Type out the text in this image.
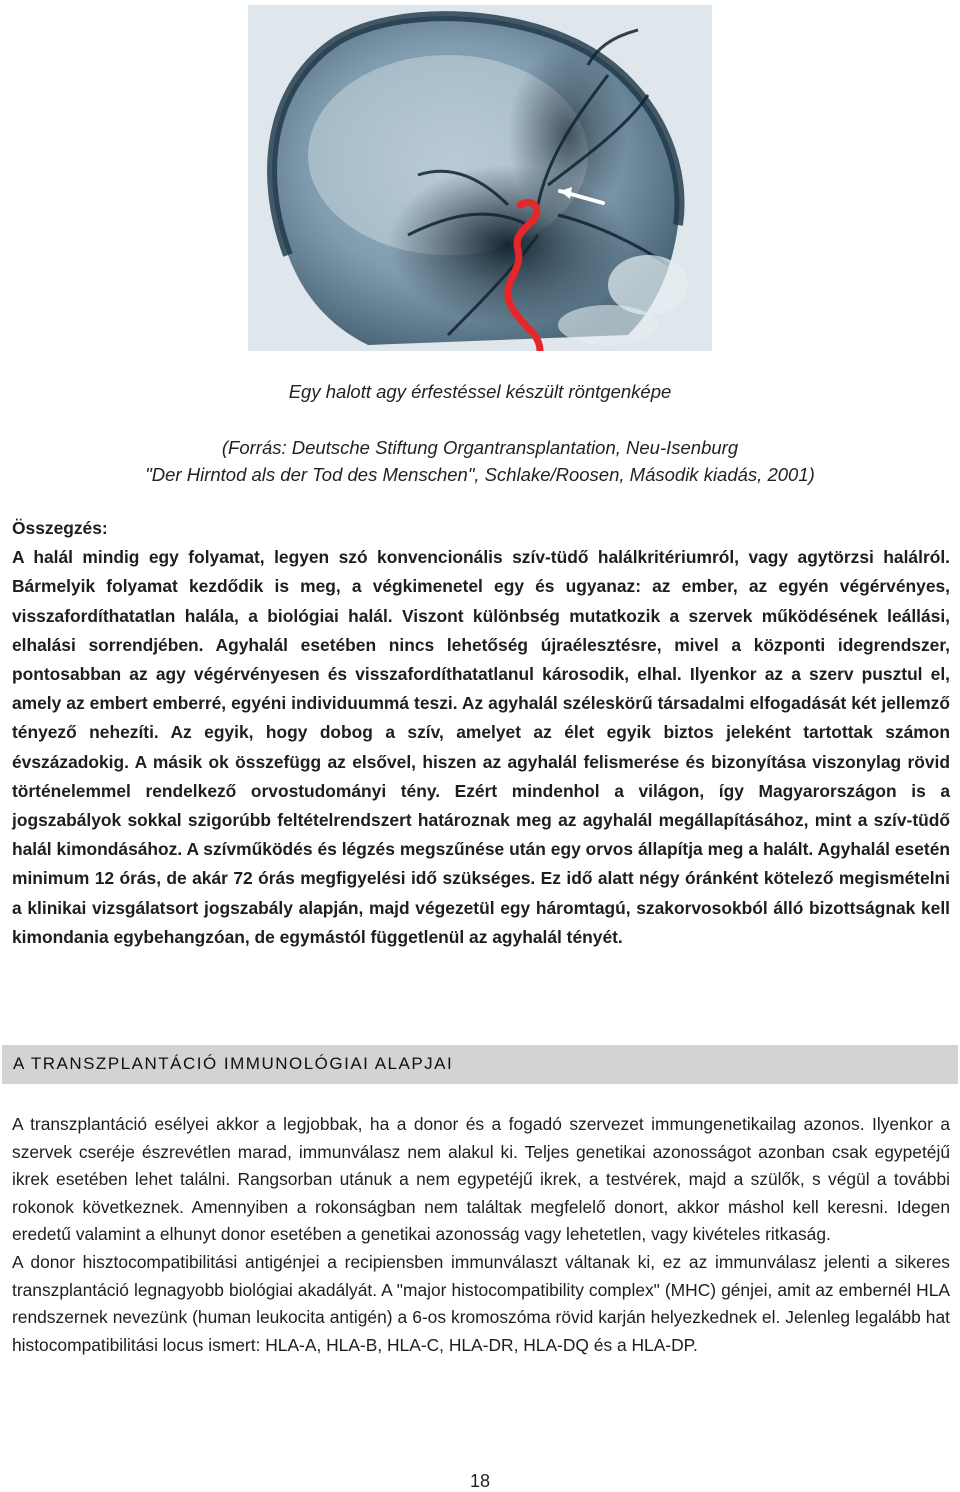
Egy halott agy érfestéssel készült röntgenképe
(Forrás: Deutsche Stiftung Organtransplantation, Neu-Isenburg
"Der Hirntod als der Tod des Menschen", Schlake/Roosen, Második kiadás, 2001)
Összegzés:
A halál mindig egy folyamat, legyen szó konvencionális szív-tüdő halálkritériumról, vagy agytörzsi halálról. Bármelyik folyamat kezdődik is meg, a végkimenetel egy és ugyanaz: az ember, az egyén végérvényes, visszafordíthatatlan halála, a biológiai halál. Viszont különbség mutatkozik a szervek működésének leállási, elhalási sorrendjében. Agyhalál esetében nincs lehetőség újraélesztésre, mivel a központi idegrendszer, pontosabban az agy végérvényesen és visszafordíthatatlanul károsodik, elhal. Ilyenkor az a szerv pusztul el, amely az embert emberré, egyéni individuummá teszi. Az agyhalál széleskörű társadalmi elfogadását két jellemző tényező nehezíti. Az egyik, hogy dobog a szív, amelyet az élet egyik biztos jeleként tartottak számon évszázadokig. A másik ok összefügg az elsővel, hiszen az agyhalál felismerése és bizonyítása viszonylag rövid történelemmel rendelkező orvostudományi tény. Ezért mindenhol a világon, így Magyarországon is a jogszabályok sokkal szigorúbb feltételrendszert határoznak meg az agyhalál megállapításához, mint a szív-tüdő halál kimondásához. A szívműködés és légzés megszűnése után egy orvos állapítja meg a halált. Agyhalál esetén minimum 12 órás, de akár 72 órás megfigyelési idő szükséges. Ez idő alatt négy óránként kötelező megismételni a klinikai vizsgálatsort jogszabály alapján, majd végezetül egy háromtagú, szakorvosokból álló bizottságnak kell kimondania egybehangzóan, de egymástól függetlenül az agyhalál tényét.
A TRANSZPLANTÁCIÓ IMMUNOLÓGIAI ALAPJAI

A transzplantáció esélyei akkor a legjobbak, ha a donor és a fogadó szervezet immungenetikailag azonos. Ilyenkor a szervek cseréje észrevétlen marad, immunválasz nem alakul ki. Teljes genetikai azonosságot azonban csak egypetéjű ikrek esetében lehet találni. Rangsorban utánuk a nem egypetéjű ikrek, a testvérek, majd a szülők, s végül a további rokonok következnek. Amennyiben a rokonságban nem találtak megfelelő donort, akkor máshol kell keresni. Idegen eredetű valamint a elhunyt donor esetében a genetikai azonosság vagy lehetetlen, vagy kivételes ritkaság.

A donor hisztocompatibilitási antigénjei a recipiensben immunválaszt váltanak ki, ez az immunválasz jelenti a sikeres transzplantáció legnagyobb biológiai akadályát. A "major histocompatibility complex" (MHC) génjei, amit az embernél HLA rendszernek nevezünk (human leukocita antigén) a 6-os kromoszóma rövid karján helyezkednek el. Jelenleg legalább hat histocompatibilitási locus ismert: HLA-A, HLA-B, HLA-C, HLA-DR, HLA-DQ és a HLA-DP.

18
